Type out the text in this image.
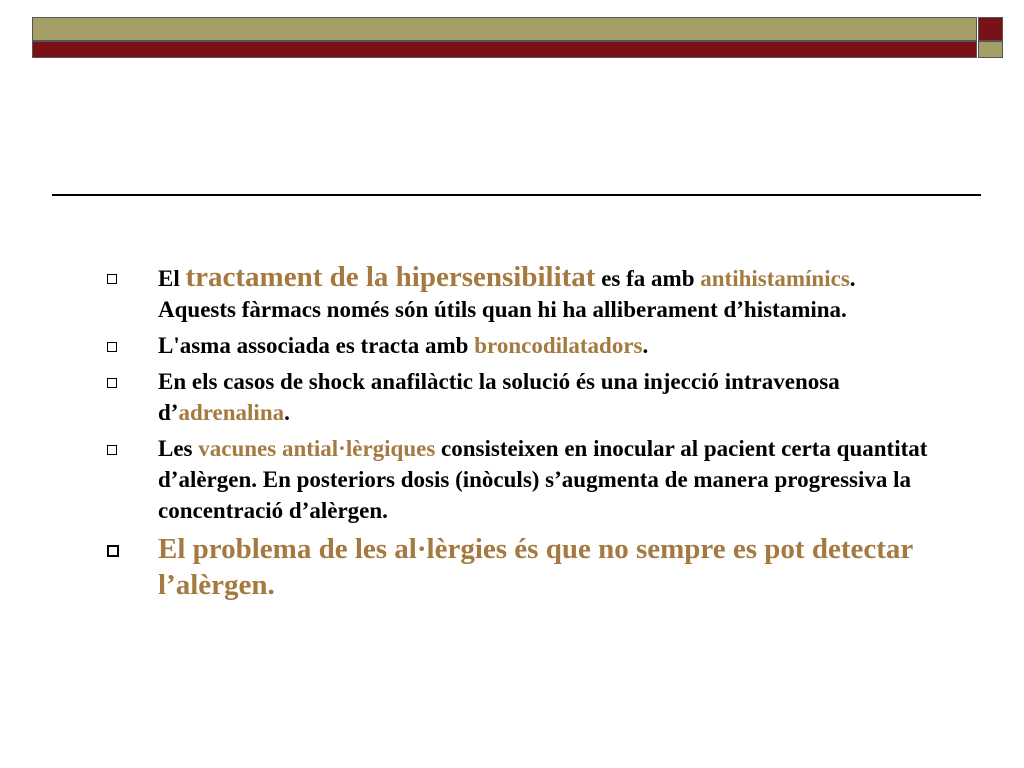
El tractament de la hipersensibilitat es fa amb antihistamínics. Aquests fàrmacs només són útils quan hi ha alliberament d’histamina.
L'asma associada es tracta amb broncodilatadors.
En els casos de shock anafilàctic la solució és una injecció intravenosa d’adrenalina.
Les vacunes antial·lèrgiques consisteixen en inocular al pacient certa quantitat d’alèrgen. En posteriors dosis (inòculs) s’augmenta de manera progressiva la concentració d’alèrgen.
El problema de les al·lèrgies és que no sempre es pot detectar l’alèrgen.
